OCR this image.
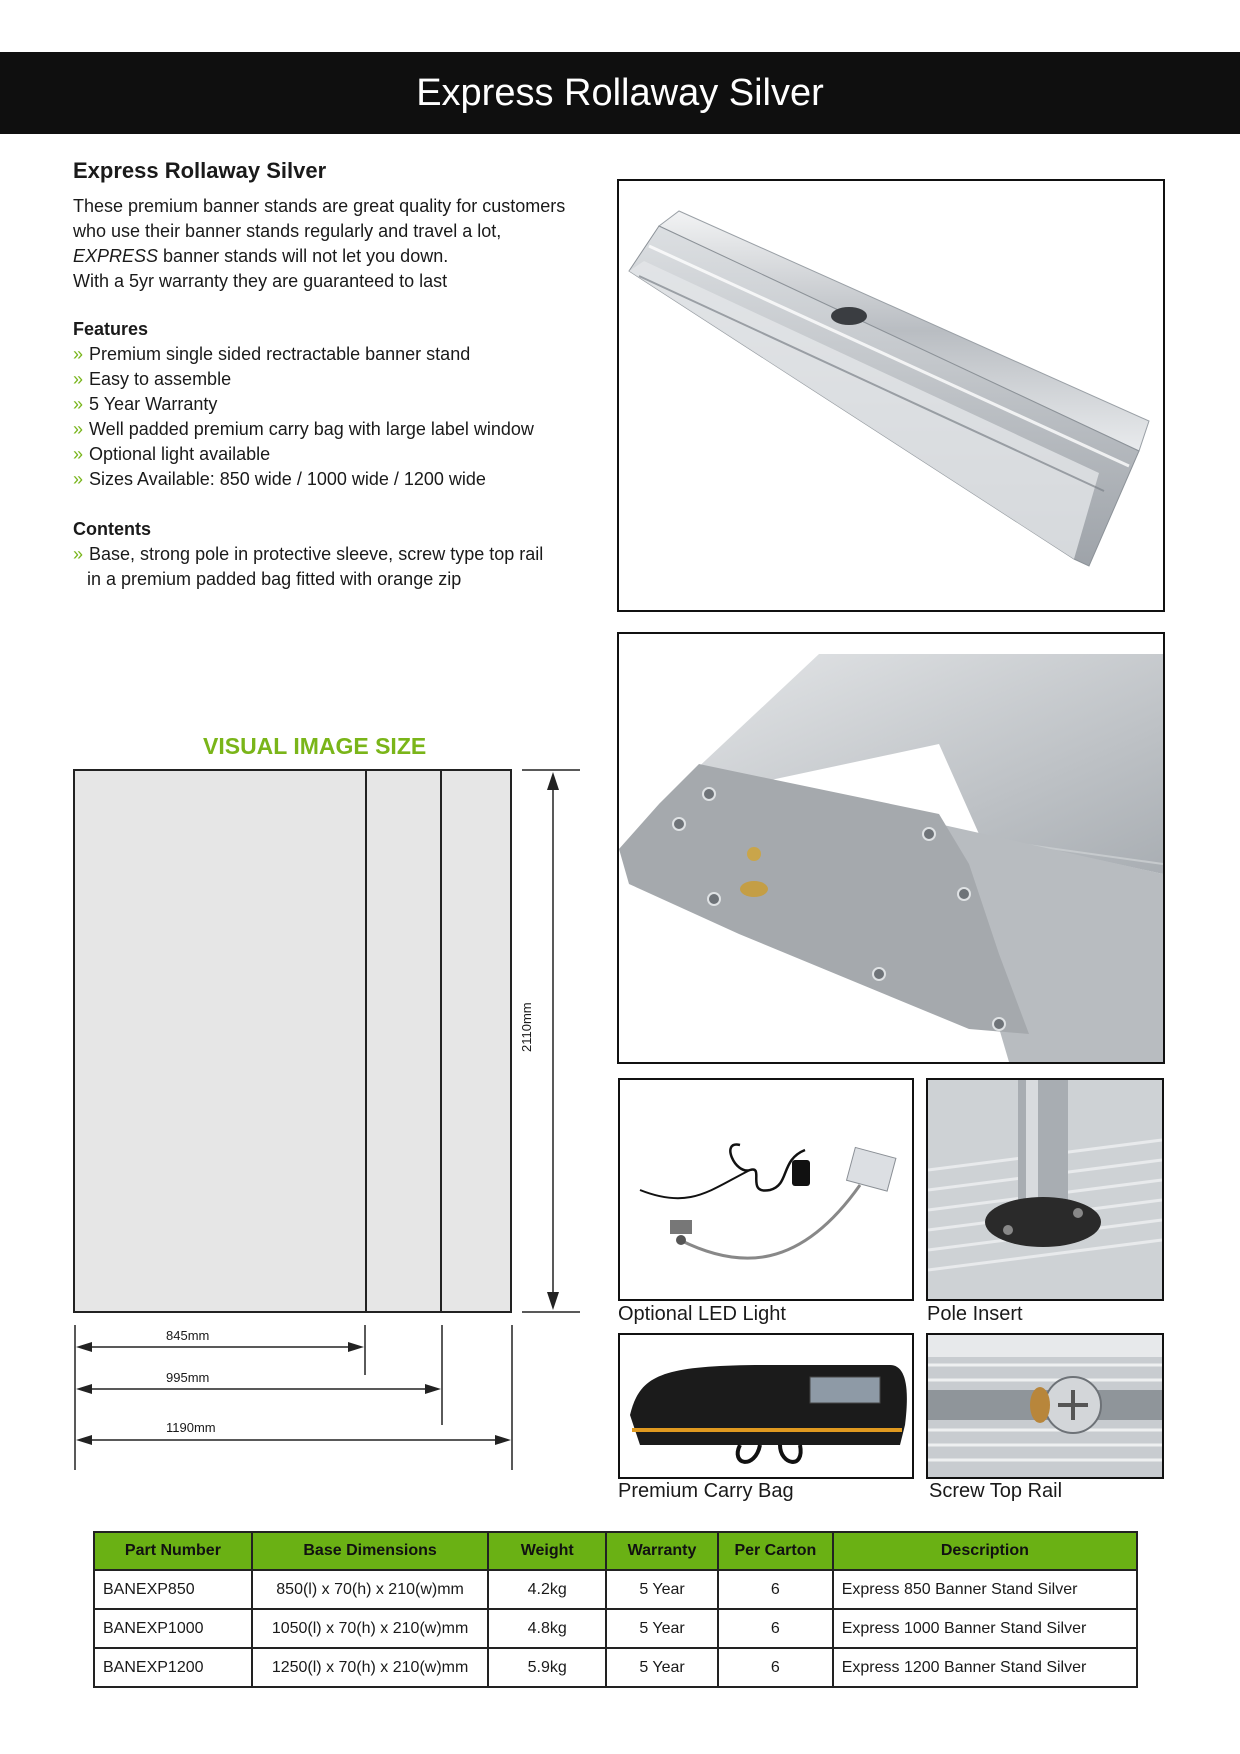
Express Rollaway Silver
Express Rollaway Silver
These premium banner stands are great quality for customers
who use their banner stands regularly and travel a lot,
EXPRESS banner stands will not let you down.
With a 5yr warranty they are guaranteed to last
Features
» Premium single sided rectractable banner stand
» Easy to assemble
» 5 Year Warranty
» Well padded premium carry bag with large label window
» Optional light available
» Sizes Available: 850 wide / 1000 wide / 1200 wide
Contents
» Base, strong pole in protective sleeve, screw type top rail
in a premium padded bag fitted with orange zip
VISUAL IMAGE SIZE
2110mm
845mm
995mm
1190mm
Optional LED Light	Pole Insert
Premium Carry Bag	Screw Top Rail
Part Number	Base Dimensions	Weight	Warranty	Per Carton	Description
BANEXP850	850(l) x 70(h) x 210(w)mm	4.2kg	5 Year	6	Express 850 Banner Stand Silver
BANEXP1000	1050(l) x 70(h) x 210(w)mm	4.8kg	5 Year	6	Express 1000 Banner Stand Silver
BANEXP1200	1250(l) x 70(h) x 210(w)mm	5.9kg	5 Year	6	Express 1200 Banner Stand Silver
